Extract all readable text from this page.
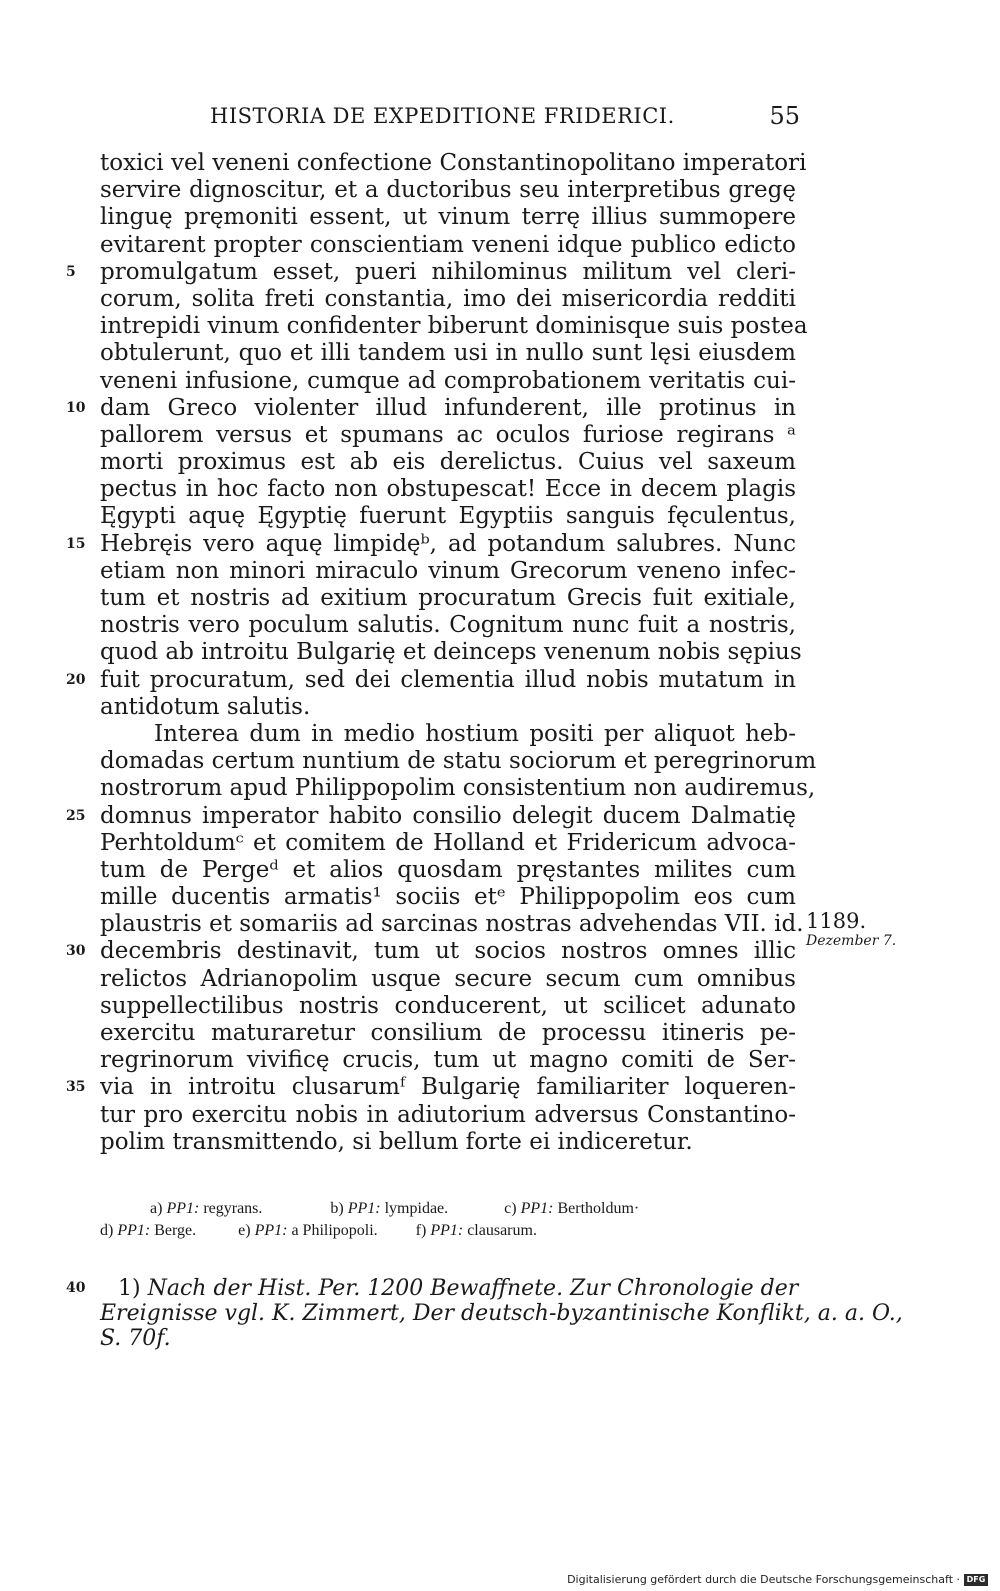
HISTORIA DE EXPEDITIONE FRIDERICI.	55
toxici vel veneni confectione Constantinopolitano imperatori
servire dignoscitur, et a ductoribus seu interpretibus gregę
linguę pręmoniti essent, ut vinum terrę illius summopere
evitarent propter conscientiam veneni idque publico edicto
5 promulgatum esset, pueri nihilominus militum vel cleri-
corum, solita freti constantia, imo dei misericordia redditi
intrepidi vinum confidenter biberunt dominisque suis postea
obtulerunt, quo et illi tandem usi in nullo sunt lęsi eiusdem
veneni infusione, cumque ad comprobationem veritatis cui-
10 dam Greco violenter illud infunderent, ille protinus in
pallorem versus et spumans ac oculos furiose regirans ᵃ
morti proximus est ab eis derelictus. Cuius vel saxeum
pectus in hoc facto non obstupescat! Ecce in decem plagis
Ęgypti aquę Ęgyptię fuerunt Egyptiis sanguis fęculentus,
15 Hebręis vero aquę limpidęᵇ, ad potandum salubres. Nunc
etiam non minori miraculo vinum Grecorum veneno infec-
tum et nostris ad exitium procuratum Grecis fuit exitiale,
nostris vero poculum salutis. Cognitum nunc fuit a nostris,
quod ab introitu Bulgarię et deinceps venenum nobis sępius
20 fuit procuratum, sed dei clementia illud nobis mutatum in
antidotum salutis.
Interea dum in medio hostium positi per aliquot heb-
domadas certum nuntium de statu sociorum et peregrinorum
nostrorum apud Philippopolim consistentium non audiremus,
25 domnus imperator habito consilio delegit ducem Dalmatię
Perhtoldumᶜ et comitem de Holland et Fridericum advoca-
tum de Pergeᵈ et alios quosdam pręstantes milites cum
mille ducentis armatis¹ sociis etᵉ Philippopolim eos cum
plaustris et somariis ad sarcinas nostras advehendas VII. id. 1189.
Dezember 7.
30 decembris destinavit, tum ut socios nostros omnes illic
relictos Adrianopolim usque secure secum cum omnibus
suppellectilibus nostris conducerent, ut scilicet adunato
exercitu maturaretur consilium de processu itineris pe-
regrinorum vivificę crucis, tum ut magno comiti de Ser-
35 via in introitu clusarumᶠ Bulgarię familiariter loqueren-
tur pro exercitu nobis in adiutorium adversus Constantino-
polim transmittendo, si bellum forte ei indiceretur.
a) PP1: regyrans.	b) PP1: lympidae.	c) PP1: Bertholdum·
d) PP1: Berge.	e) PP1: a Philipopoli. f) PP1: clausarum.
40 1) Nach der Hist. Per. 1200 Bewaffnete. Zur Chronologie der
Ereignisse vgl. K. Zimmert, Der deutsch-byzantinische Konflikt, a. a. O.,
S. 70f.
Digitalisierung gefördert durch die Deutsche Forschungsgemeinschaft · DFG
